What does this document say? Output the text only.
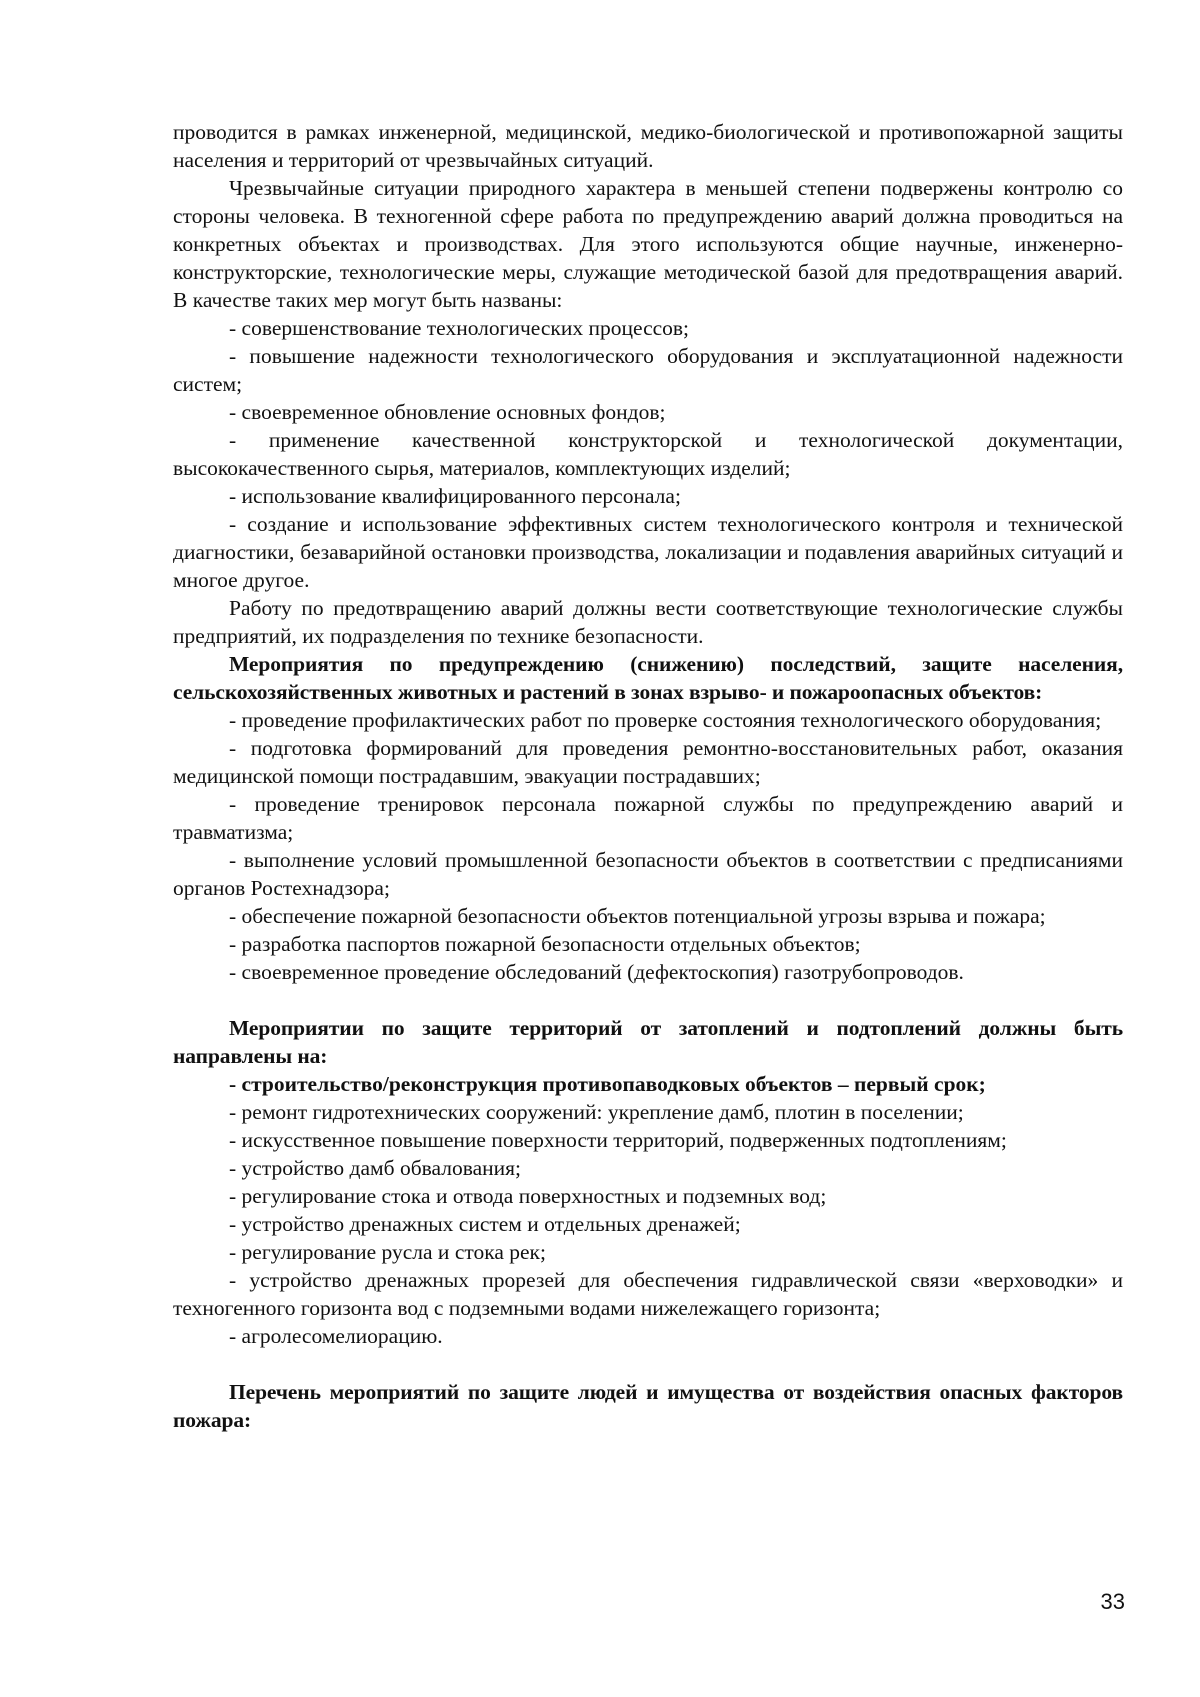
проводится в рамках инженерной, медицинской, медико-биологической и противопожарной защиты населения и территорий от чрезвычайных ситуаций.

Чрезвычайные ситуации природного характера в меньшей степени подвержены контролю со стороны человека. В техногенной сфере работа по предупреждению аварий должна проводиться на конкретных объектах и производствах. Для этого используются общие научные, инженерно-конструкторские, технологические меры, служащие методической базой для предотвращения аварий. В качестве таких мер могут быть названы:

- совершенствование технологических процессов;

- повышение надежности технологического оборудования и эксплуатационной надежности систем;

- своевременное обновление основных фондов;

- применение качественной конструкторской и технологической документации, высококачественного сырья, материалов, комплектующих изделий;

- использование квалифицированного персонала;

- создание и использование эффективных систем технологического контроля и технической диагностики, безаварийной остановки производства, локализации и подавления аварийных ситуаций и многое другое.

Работу по предотвращению аварий должны вести соответствующие технологические службы предприятий, их подразделения по технике безопасности.

Мероприятия по предупреждению (снижению) последствий, защите населения, сельскохозяйственных животных и растений в зонах взрыво- и пожароопасных объектов:

- проведение профилактических работ по проверке состояния технологического оборудования;

- подготовка формирований для проведения ремонтно-восстановительных работ, оказания медицинской помощи пострадавшим, эвакуации пострадавших;

- проведение тренировок персонала пожарной службы по предупреждению аварий и травматизма;

- выполнение условий промышленной безопасности объектов в соответствии с предписаниями органов Ростехнадзора;

- обеспечение пожарной безопасности объектов потенциальной угрозы взрыва и пожара;

- разработка паспортов пожарной безопасности отдельных объектов;

- своевременное проведение обследований (дефектоскопия) газотрубопроводов.

Мероприятии по защите территорий от затоплений и подтоплений должны быть направлены на:

- строительство/реконструкция противопаводковых объектов – первый срок;

- ремонт гидротехнических сооружений: укрепление дамб, плотин в поселении;

- искусственное повышение поверхности территорий, подверженных подтоплениям;

- устройство дамб обвалования;

- регулирование стока и отвода поверхностных и подземных вод;

- устройство дренажных систем и отдельных дренажей;

- регулирование русла и стока рек;

- устройство дренажных прорезей для обеспечения гидравлической связи «верховодки» и техногенного горизонта вод с подземными водами нижележащего горизонта;

- агролесомелиорацию.

Перечень мероприятий по защите людей и имущества от воздействия опасных факторов пожара:

33
